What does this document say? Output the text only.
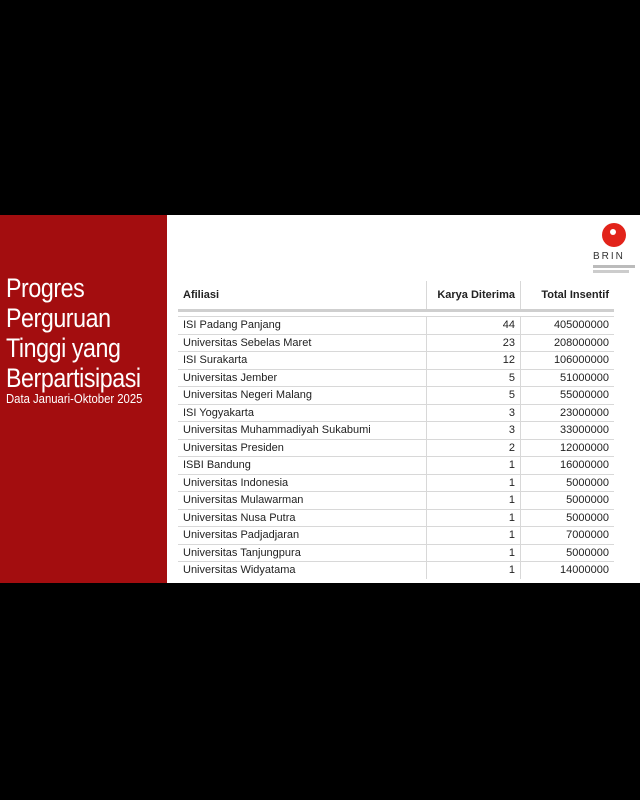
Progres
Perguruan
Tinggi yang
Berpartisipasi
Data Januari-Oktober 2025
BRIN
Afiliasi	Karya Diterima	Total Insentif

ISI Padang Panjang	44	405000000
Universitas Sebelas Maret	23	208000000
ISI Surakarta	12	106000000
Universitas Jember	5	51000000
Universitas Negeri Malang	5	55000000
ISI Yogyakarta	3	23000000
Universitas Muhammadiyah Sukabumi	3	33000000
Universitas Presiden	2	12000000
ISBI Bandung	1	16000000
Universitas Indonesia	1	5000000
Universitas Mulawarman	1	5000000
Universitas Nusa Putra	1	5000000
Universitas Padjadjaran	1	7000000
Universitas Tanjungpura	1	5000000
Universitas Widyatama	1	14000000
